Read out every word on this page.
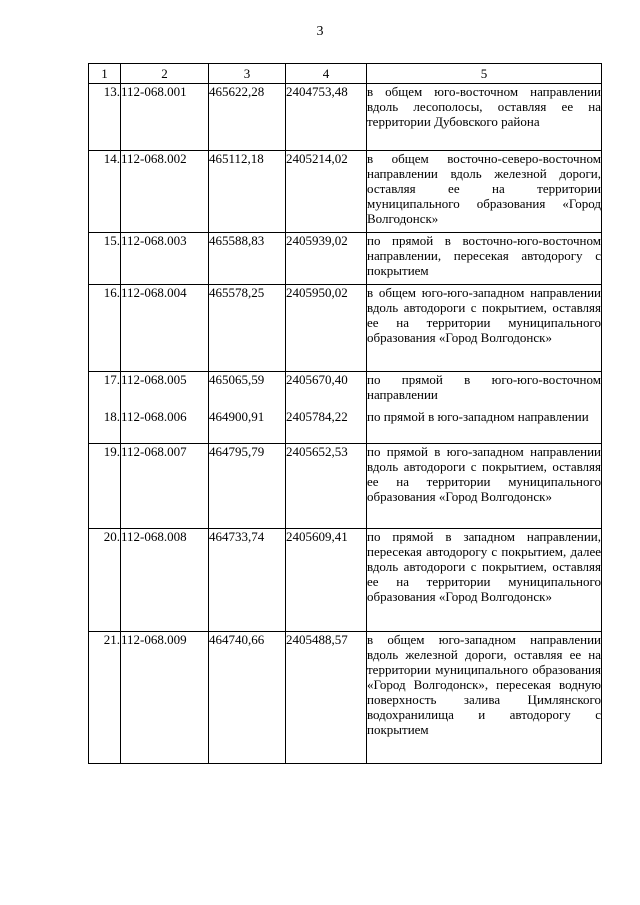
3
1	2	3	4	5
13.	112-068.001	465622,28	2404753,48	в общем юго-восточном направлении вдоль лесополосы, оставляя ее на территории Дубовского района
14.	112-068.002	465112,18	2405214,02	в общем восточно-северо-восточном направлении вдоль железной дороги, оставляя ее на территории муниципального образования «Город Волгодонск»
15.	112-068.003	465588,83	2405939,02	по прямой в восточно-юго-восточном направлении, пересекая автодорогу с покрытием
16.	112-068.004	465578,25	2405950,02	в общем юго-юго-западном направлении вдоль автодороги с покрытием, оставляя ее на территории муниципального образования «Город Волгодонск»
17.	112-068.005	465065,59	2405670,40	по прямой в юго-юго-восточном направлении
18.	112-068.006	464900,91	2405784,22	по прямой в юго-западном направлении
19.	112-068.007	464795,79	2405652,53	по прямой в юго-западном направлении вдоль автодороги с покрытием, оставляя ее на территории муниципального образования «Город Волгодонск»
20.	112-068.008	464733,74	2405609,41	по прямой в западном направлении, пересекая автодорогу с покрытием, далее вдоль автодороги с покрытием, оставляя ее на территории муниципального образования «Город Волгодонск»
21.	112-068.009	464740,66	2405488,57	в общем юго-западном направлении вдоль железной дороги, оставляя ее на территории муниципального образования «Город Волгодонск», пересекая водную поверхность залива Цимлянского водохранилища и автодорогу с покрытием
